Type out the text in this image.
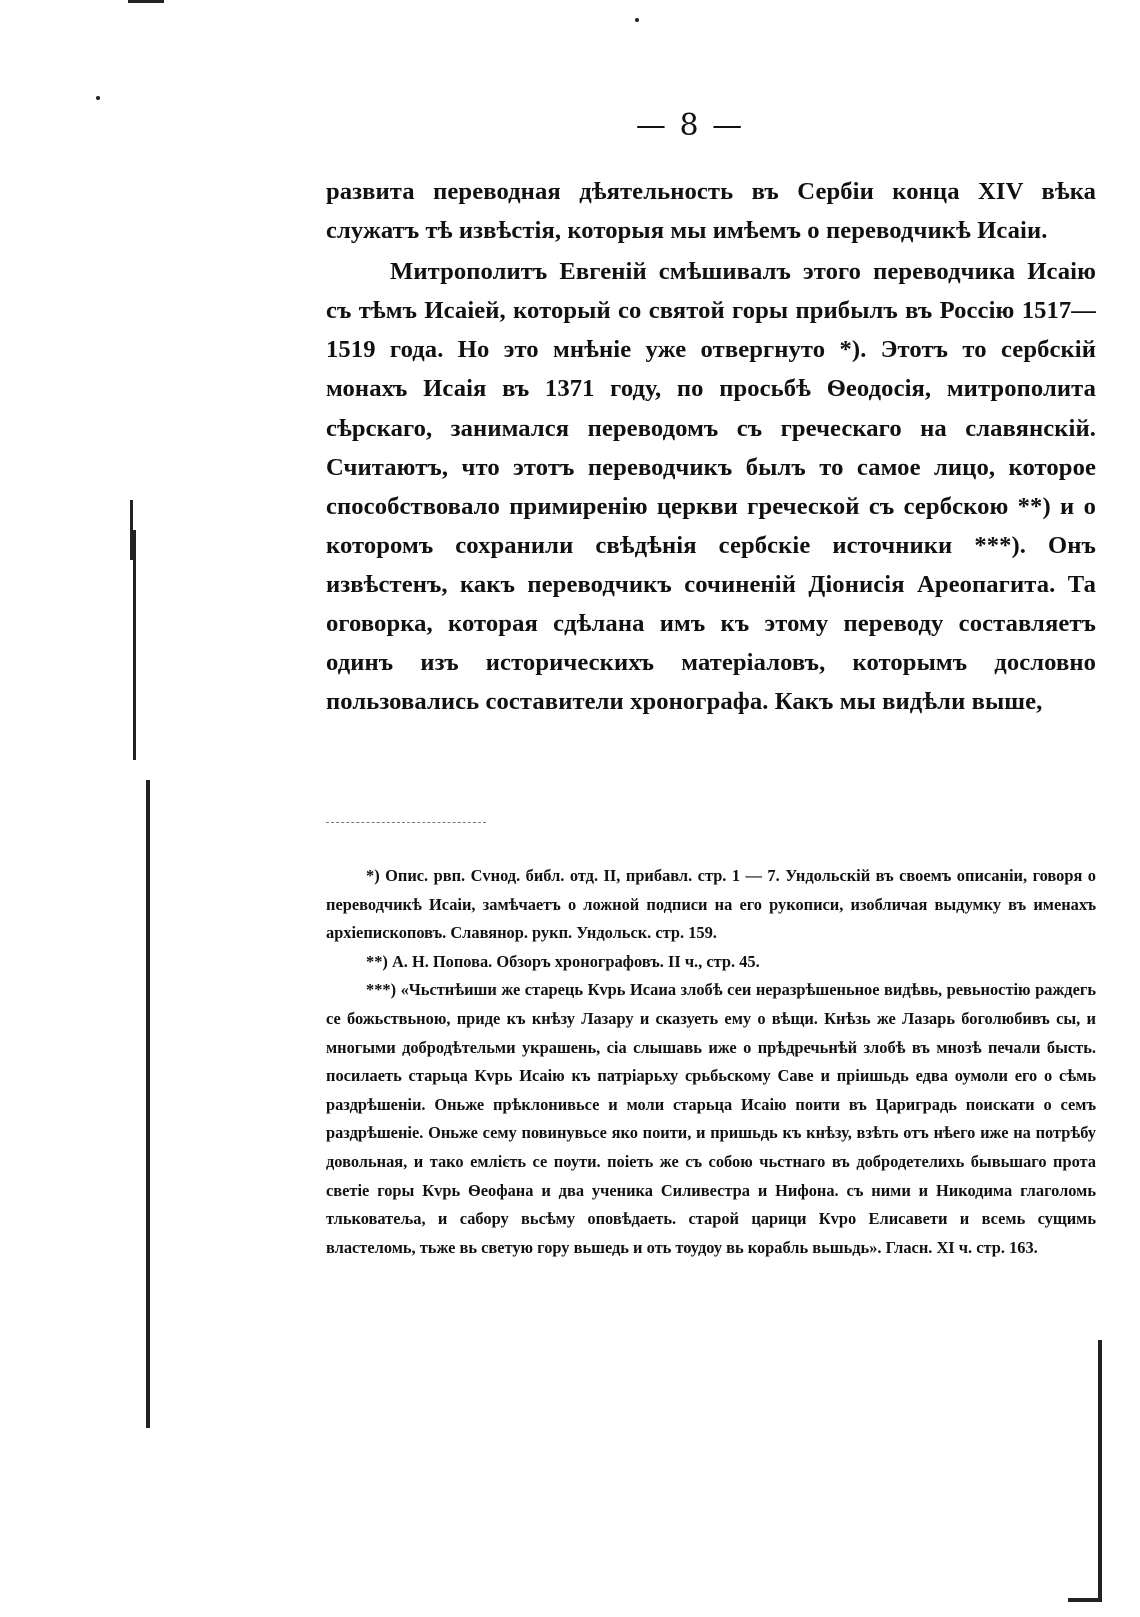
— 8 —

развита переводная дѣятельность въ Сербіи конца XIV вѣка служатъ тѣ извѣстія, которыя мы имѣемъ о переводчикѣ Исаіи.

Митрополитъ Евгеній смѣшивалъ этого переводчика Исаію съ тѣмъ Исаіей, который со святой горы прибылъ въ Россію 1517—1519 года. Но это мнѣніе уже отвергнуто *). Этотъ то сербскій монахъ Исаія въ 1371 году, по просьбѣ Ѳеодосія, митрополита сѣрскаго, занимался переводомъ съ греческаго на славянскій. Считаютъ, что этотъ переводчикъ былъ то самое лицо, которое способствовало примиренію церкви греческой съ сербскою **) и о которомъ сохранили свѣдѣнія сербскіе источники ***). Онъ извѣстенъ, какъ переводчикъ сочиненій Діонисія Ареопагита. Та оговорка, которая сдѣлана имъ къ этому переводу составляетъ одинъ изъ историческихъ матеріаловъ, которымъ дословно пользовались составители хронографа. Какъ мы видѣли выше,

*) Опис. рвп. Сvнод. библ. отд. II, прибавл. стр. 1 — 7. Ундольскій въ своемъ описаніи, говоря о переводчикѣ Исаіи, замѣчаетъ о ложной подписи на его рукописи, изобличая выдумку въ именахъ архіепископовъ. Славянор. рукп. Ундольск. стр. 159.

**) А. Н. Попова. Обзоръ хронографовъ. II ч., стр. 45.

***) «Чьстнѣиши же старець Кvрь Исаиа злобѣ сеи неразрѣшеньное видѣвь, ревьностію раждегь се божьствьною, приде къ кнѣзу Лазару и сказуеть ему о вѣщи. Кнѣзь же Лазарь боголюбивъ сы, и многыми добродѣтельми украшень, сіа слышавь иже о прѣдречьнѣй злобѣ въ мнозѣ печали бысть. посилаеть старьца Кvрь Исаію къ патріарьху срьбьскому Саве и пріишьдь едва оумоли его о сѣмь раздрѣшеніи. Оньже прѣклонивьсе и моли старьца Исаію поити въ Цариградь поискати о семъ раздрѣшеніе. Оньже сему повинувьсе яко поити, и пришьдь къ кнѣзу, взѣть отъ нѣего иже на потрѣбу довольная, и тако емлієть се поути. поіеть же съ собою чьстнаго въ добродетелихь бывьшаго прота светіе горы Кvрь Ѳеофана и два ученика Силивестра и Нифона. съ ними и Никодима глаголомь тльковатеља, и сабору вьсѣму оповѣдаеть. старой царици Кvро Елисавети и всемь сущимь властеломь, тьже вь светую гору вьшедь и оть тоудоу вь корабль вьшьдь». Гласн. XI ч. стр. 163.
